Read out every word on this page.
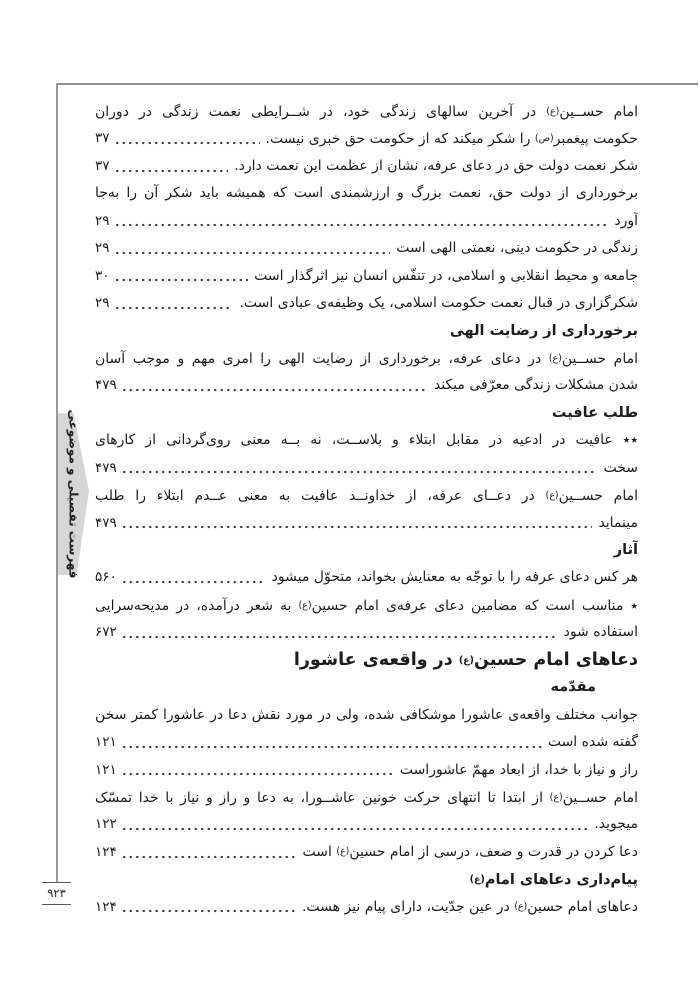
فهرست تفصیلی و موضوعی
امام حســین(ع) در آخرین سالهای زندگی خود، در شــرایطی نعمت زندگی در دوران
حکومت پیغمبر(ص) را شکر میکند که از حکومت حق خبری نیست.
۳۷
شکر نعمت دولت حق در دعای عرفه، نشان از عظمت این نعمت دارد.
۳۷
برخورداری از دولت حق، نعمت بزرگ و ارزشمندی است که همیشه باید شکر آن را به‌جا
آورد
۲۹
زندگی در حکومت دینی، نعمتی الهی است
۲۹
جامعه و محیط انقلابی و اسلامی، در تنفّس انسان نیز اثرگذار است
۳۰
شکرگزاری در قبال نعمت حکومت اسلامی، یک وظیفه‌ی عبادی است.
۲۹
برخورداری از رضایت الهی
امام حســین(ع) در دعای عرفه، برخورداری از رضایت الهی را امری مهم و موجب آسان
شدن مشکلات زندگی معرّفی میکند
۴۷۹
طلب عافیت
٭٭ عافیت در ادعیه در مقابل ابتلاء و بلاســت، نه بــه معنی روی‌گردانی از کارهای
سخت
۴۷۹
امام حســین(ع) در دعــای عرفه، از خداونــد عافیت به معنی عــدم ابتلاء را طلب
مینماید
۴۷۹
آثار
هر کس دعای عرفه را با توجّه به معنایش بخواند، متحوّل میشود
۵۶۰
٭ مناسب است که مضامین دعای عرفه‌ی امام حسین(ع) به شعر درآمده، در مدیحه‌سرایی
استفاده شود
۶۷۲
دعاهای امام حسین(ع) در واقعه‌ی عاشورا
مقدّمه
جوانب مختلف واقعه‌ی عاشورا موشکافی شده، ولی در مورد نقش دعا در عاشورا کمتر سخن
گفته شده است
۱۲۱
راز و نیاز با خدا، از ابعاد مهمّ عاشوراست
۱۲۱
امام حســین(ع) از ابتدا تا انتهای حرکت خونین عاشــورا، به دعا و راز و نیاز با خدا تمسّک
میجوید.
۱۲۲
دعا کردن در قدرت و ضعف، درسی از امام حسین(ع) است
۱۲۴
پیام‌داری دعاهای امام(ع)
دعاهای امام حسین(ع) در عین جدّیت، دارای پیام نیز هست.
۱۲۴
۹۲۳
